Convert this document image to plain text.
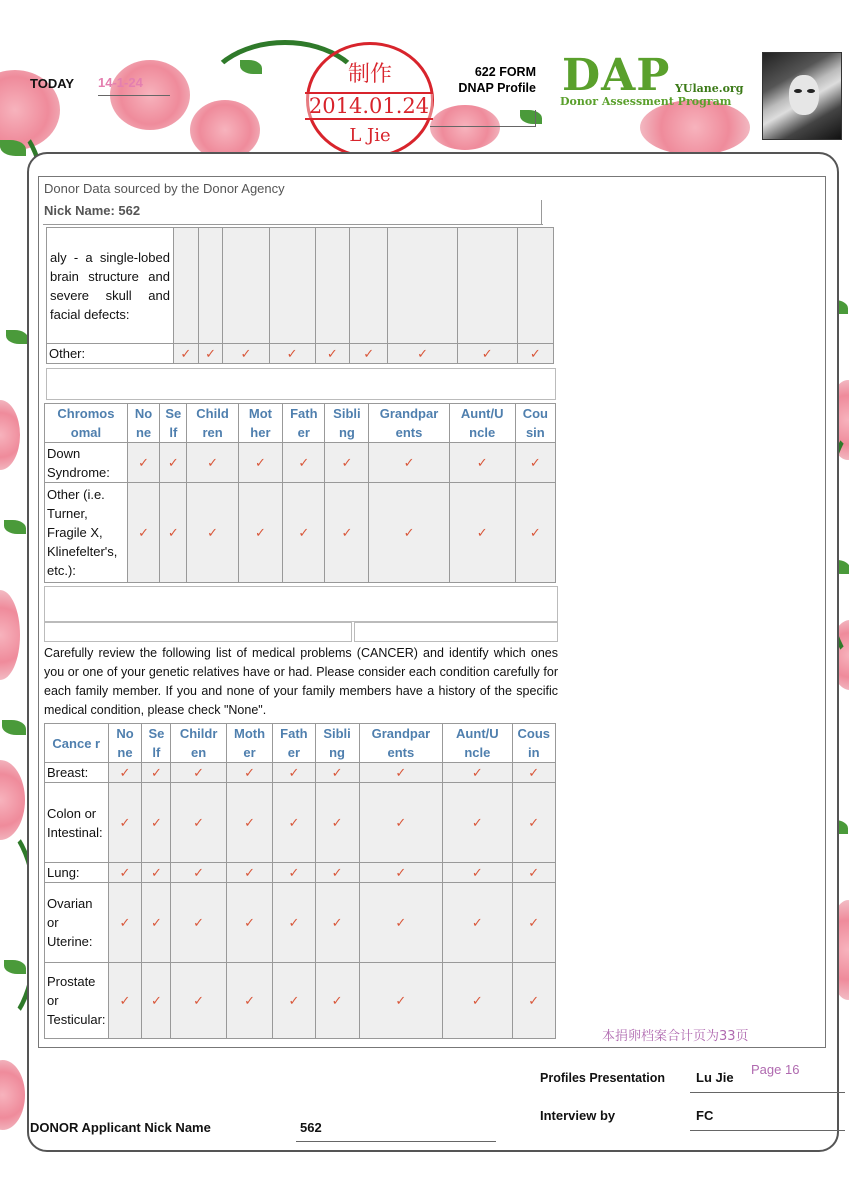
TODAY 14-1-24	制作
2014.01.24
L Jie
622 FORM
DNAP Profile DAP YUlane.org
Donor Assessment Program
Donor Data sourced by the Donor Agency
Nick Name: 562
aly - a single-lobed brain structure and severe skull and facial defects:									
Other:	✓	✓	✓	✓	✓	✓	✓	✓	✓
Chromos omal	No ne	Se lf	Child ren	Mot her	Fath er	Sibli ng	Grandpar ents	Aunt/U ncle	Cou sin
Down Syndrome:	✓	✓	✓	✓	✓	✓	✓	✓	✓
Other (i.e. Turner, Fragile X, Klinefelter's, etc.):	✓	✓	✓	✓	✓	✓	✓	✓	✓
Carefully review the following list of medical problems (CANCER) and identify which ones you or one of your genetic relatives have or had. Please consider each condition carefully for each family member. If you and none of your family members have a history of the specific medical condition, please check "None".
Cance r	No ne	Se lf	Childr en	Moth er	Fath er	Sibli ng	Grandpar ents	Aunt/U ncle	Cous in
Breast:	✓	✓	✓	✓	✓	✓	✓	✓	✓
Colon or Intestinal:	✓	✓	✓	✓	✓	✓	✓	✓	✓
Lung:	✓	✓	✓	✓	✓	✓	✓	✓	✓
Ovarian or Uterine:	✓	✓	✓	✓	✓	✓	✓	✓	✓
Prostate or Testicular:	✓	✓	✓	✓	✓	✓	✓	✓	✓
本捐卵档案合计页为33页
Profiles Presentation Lu Jie
Page 16
Interview by	FC
DONOR Applicant Nick Name	562
